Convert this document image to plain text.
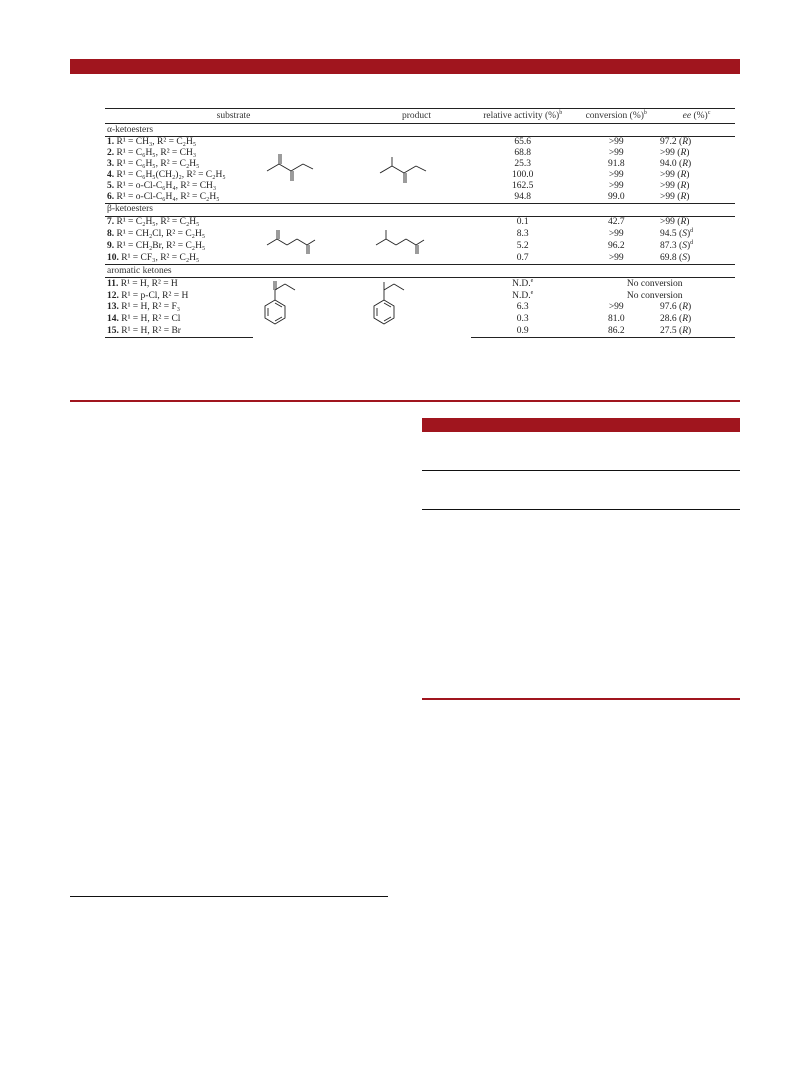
substrate		product	relative activity (%)$^b$	conversion (%)$^b$	ee (%)$^c$
α-ketoesters					
1. R¹ = CH₃, R² = C₂H₅			65.6	>99	97.2 (R)
2. R¹ = C₆H₅, R² = CH₃			68.8	>99	>99 (R)
3. R¹ = C₆H₅, R² = C₂H₅			25.3	91.8	94.0 (R)
4. R¹ = C₆H₅(CH₂)₂, R² = C₂H₅			100.0	>99	>99 (R)
5. R¹ = o-Cl-C₆H₄, R² = CH₃			162.5	>99	>99 (R)
6. R¹ = o-Cl-C₆H₄, R² = C₂H₅			94.8	99.0	>99 (R)
β-ketoesters					
7. R¹ = C₂H₅, R² = C₂H₅			0.1	42.7	>99 (R)
8. R¹ = CH₂Cl, R² = C₂H₅			8.3	>99	94.5 $(S)^d$
9. R¹ = CH₂Br, R² = C₂H₅			5.2	96.2	87.3 $(S)^d$
10. R¹ = CF₃, R² = C₂H₅			0.7	>99	69.8 (S)
aromatic ketones					
11. R¹ = H, R² = H			N.D.$^e$	No conversion	
12. R¹ = p-Cl, R² = H			N.D.$^e$	No conversion	
13. R¹ = H, R² = F₃			6.3	>99	97.6 (R)
14. R¹ = H, R² = Cl			0.3	81.0	28.6 (R)
15. R¹ = H, R² = Br			0.9	86.2	27.5 (R)
